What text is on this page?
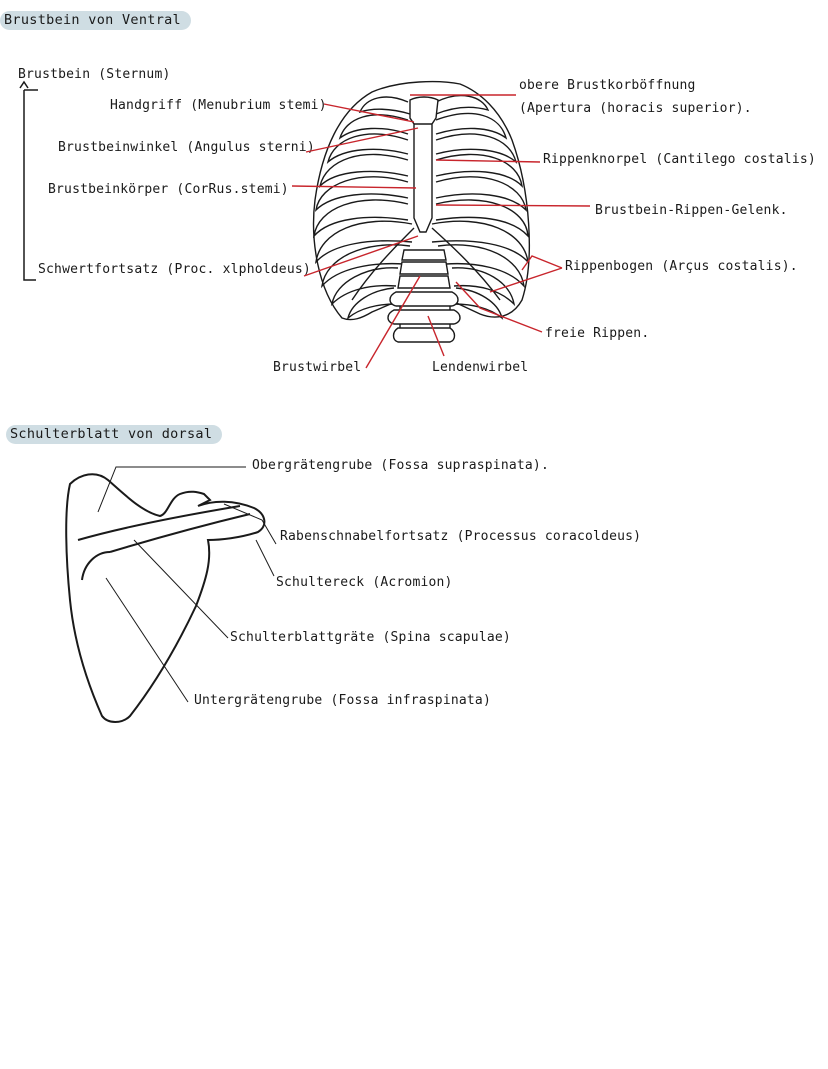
Brustbein von Ventral
Brustbein (Sternum)
Handgriff (Menubrium stemi)
Brustbeinwinkel (Angulus sterni)
Brustbeinkörper (CorRus.stemi)
Schwertfortsatz (Proc. xlpholdeus)
obere Brustkorböffnung
(Apertura (horacis superior).
Rippenknorpel (Cantilego costalis)
Brustbein-Rippen-Gelenk.
Rippenbogen (Arçus costalis).
freie Rippen.
Brustwirbel	Lendenwirbel
Schulterblatt von dorsal
Obergrätengrube (Fossa supraspinata).
Rabenschnabelfortsatz (Processus coracoldeus)
Schultereck (Acromion)
Schulterblattgräte (Spina scapulae)
Untergrätengrube (Fossa infraspinata)
